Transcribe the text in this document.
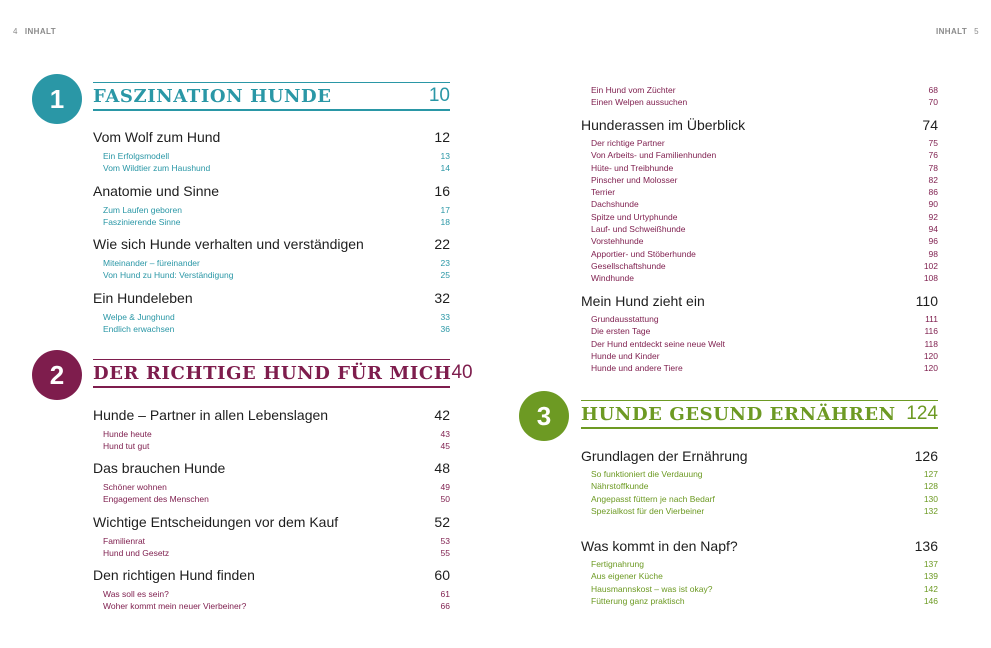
4 INHALT	INHALT 5
1	FASZINATION HUNDE	10
Vom Wolf zum Hund	12
Ein Erfolgsmodell	13
Vom Wildtier zum Haushund	14
Anatomie und Sinne	16
Zum Laufen geboren	17
Faszinierende Sinne	18
Wie sich Hunde verhalten und verständigen	22
Miteinander – füreinander	23
Von Hund zu Hund: Verständigung	25
Ein Hundeleben	32
Welpe & Junghund	33
Endlich erwachsen	36
2	DER RICHTIGE HUND FÜR MICH 40
Hunde – Partner in allen Lebenslagen	42
Hunde heute	43
Hund tut gut	45
Das brauchen Hunde	48
Schöner wohnen	49
Engagement des Menschen	50
Wichtige Entscheidungen vor dem Kauf	52
Familienrat	53
Hund und Gesetz	55
Den richtigen Hund finden	60
Was soll es sein?	61
Woher kommt mein neuer Vierbeiner?	66
Ein Hund vom Züchter	68
Einen Welpen aussuchen	70
Hunderassen im Überblick	74
Der richtige Partner	75
Von Arbeits- und Familienhunden	76
Hüte- und Treibhunde	78
Pinscher und Molosser	82
Terrier	86
Dachshunde	90
Spitze und Urtyphunde	92
Lauf- und Schweißhunde	94
Vorstehhunde	96
Apportier- und Stöberhunde	98
Gesellschaftshunde	102
Windhunde	108
Mein Hund zieht ein	110
Grundausstattung	111
Die ersten Tage	116
Der Hund entdeckt seine neue Welt	118
Hunde und Kinder	120
Hunde und andere Tiere	120
3	HUNDE GESUND ERNÄHREN 124
Grundlagen der Ernährung	126
So funktioniert die Verdauung	127
Nährstoffkunde	128
Angepasst füttern je nach Bedarf	130
Spezialkost für den Vierbeiner	132
Was kommt in den Napf?	136
Fertignahrung	137
Aus eigener Küche	139
Hausmannskost – was ist okay?	142
Fütterung ganz praktisch	146
